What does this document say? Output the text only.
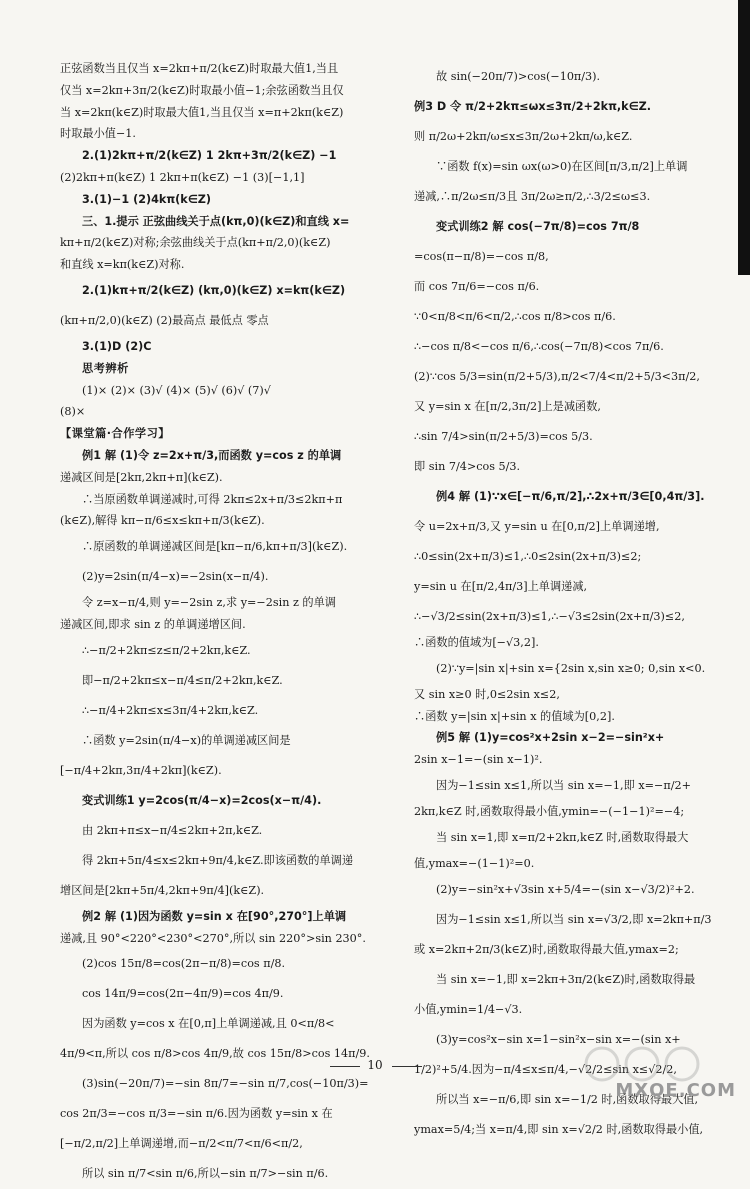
正弦函数当且仅当 x=2kπ+π/2(k∈Z)时取最大值1,当且
仅当 x=2kπ+3π/2(k∈Z)时取最小值−1;余弦函数当且仅
当 x=2kπ(k∈Z)时取最大值1,当且仅当 x=π+2kπ(k∈Z)
时取最小值−1.
2.(1)2kπ+π/2(k∈Z) 1 2kπ+3π/2(k∈Z) −1
(2)2kπ+π(k∈Z) 1 2kπ+π(k∈Z) −1 (3)[−1,1]
3.(1)−1 (2)4kπ(k∈Z)
三、1.提示 正弦曲线关于点(kπ,0)(k∈Z)和直线 x=
kπ+π/2(k∈Z)对称;余弦曲线关于点(kπ+π/2,0)(k∈Z)
和直线 x=kπ(k∈Z)对称.
2.(1)kπ+π/2(k∈Z) (kπ,0)(k∈Z) x=kπ(k∈Z)
(kπ+π/2,0)(k∈Z) (2)最高点 最低点 零点
3.(1)D (2)C
思考辨析
(1)× (2)× (3)√ (4)× (5)√ (6)√ (7)√
(8)×
【课堂篇·合作学习】
例1 解 (1)令 z=2x+π/3,而函数 y=cos z 的单调
递减区间是[2kπ,2kπ+π](k∈Z).
∴当原函数单调递减时,可得 2kπ≤2x+π/3≤2kπ+π
(k∈Z),解得 kπ−π/6≤x≤kπ+π/3(k∈Z).
∴原函数的单调递减区间是[kπ−π/6,kπ+π/3](k∈Z).
(2)y=2sin(π/4−x)=−2sin(x−π/4).
令 z=x−π/4,则 y=−2sin z,求 y=−2sin z 的单调
递减区间,即求 sin z 的单调递增区间.
∴−π/2+2kπ≤z≤π/2+2kπ,k∈Z.
即−π/2+2kπ≤x−π/4≤π/2+2kπ,k∈Z.
∴−π/4+2kπ≤x≤3π/4+2kπ,k∈Z.
∴函数 y=2sin(π/4−x)的单调递减区间是
[−π/4+2kπ,3π/4+2kπ](k∈Z).
变式训练1 y=2cos(π/4−x)=2cos(x−π/4).
由 2kπ+π≤x−π/4≤2kπ+2π,k∈Z.
得 2kπ+5π/4≤x≤2kπ+9π/4,k∈Z.即该函数的单调递
增区间是[2kπ+5π/4,2kπ+9π/4](k∈Z).
例2 解 (1)因为函数 y=sin x 在[90°,270°]上单调
递减,且 90°<220°<230°<270°,所以 sin 220°>sin 230°.
(2)cos 15π/8=cos(2π−π/8)=cos π/8.
cos 14π/9=cos(2π−4π/9)=cos 4π/9.
因为函数 y=cos x 在[0,π]上单调递减,且 0<π/8<
4π/9<π,所以 cos π/8>cos 4π/9,故 cos 15π/8>cos 14π/9.
(3)sin(−20π/7)=−sin 8π/7=−sin π/7,cos(−10π/3)=
cos 2π/3=−cos π/3=−sin π/6.因为函数 y=sin x 在
[−π/2,π/2]上单调递增,而−π/2<π/7<π/6<π/2,
所以 sin π/7<sin π/6,所以−sin π/7>−sin π/6.
故 sin(−20π/7)>cos(−10π/3).
例3 D 令 π/2+2kπ≤ωx≤3π/2+2kπ,k∈Z.
则 π/2ω+2kπ/ω≤x≤3π/2ω+2kπ/ω,k∈Z.
∵函数 f(x)=sin ωx(ω>0)在区间[π/3,π/2]上单调
递减,∴π/2ω≤π/3且 3π/2ω≥π/2,∴3/2≤ω≤3.
变式训练2 解 cos(−7π/8)=cos 7π/8
=cos(π−π/8)=−cos π/8,
而 cos 7π/6=−cos π/6.
∵0<π/8<π/6<π/2,∴cos π/8>cos π/6.
∴−cos π/8<−cos π/6,∴cos(−7π/8)<cos 7π/6.
(2)∵cos 5/3=sin(π/2+5/3),π/2<7/4<π/2+5/3<3π/2,
又 y=sin x 在[π/2,3π/2]上是减函数,
∴sin 7/4>sin(π/2+5/3)=cos 5/3.
即 sin 7/4>cos 5/3.
例4 解 (1)∵x∈[−π/6,π/2],∴2x+π/3∈[0,4π/3].
令 u=2x+π/3,又 y=sin u 在[0,π/2]上单调递增,
∴0≤sin(2x+π/3)≤1,∴0≤2sin(2x+π/3)≤2;
y=sin u 在[π/2,4π/3]上单调递减,
∴−√3/2≤sin(2x+π/3)≤1,∴−√3≤2sin(2x+π/3)≤2,
∴函数的值域为[−√3,2].
(2)∵y=|sin x|+sin x={2sin x,sin x≥0; 0,sin x<0.
又 sin x≥0 时,0≤2sin x≤2,
∴函数 y=|sin x|+sin x 的值域为[0,2].
例5 解 (1)y=cos²x+2sin x−2=−sin²x+
2sin x−1=−(sin x−1)².
因为−1≤sin x≤1,所以当 sin x=−1,即 x=−π/2+
2kπ,k∈Z 时,函数取得最小值,ymin=−(−1−1)²=−4;
当 sin x=1,即 x=π/2+2kπ,k∈Z 时,函数取得最大
值,ymax=−(1−1)²=0.
(2)y=−sin²x+√3sin x+5/4=−(sin x−√3/2)²+2.
因为−1≤sin x≤1,所以当 sin x=√3/2,即 x=2kπ+π/3
或 x=2kπ+2π/3(k∈Z)时,函数取得最大值,ymax=2;
当 sin x=−1,即 x=2kπ+3π/2(k∈Z)时,函数取得最
小值,ymin=1/4−√3.
(3)y=cos²x−sin x=1−sin²x−sin x=−(sin x+
1/2)²+5/4.因为−π/4≤x≤π/4,−√2/2≤sin x≤√2/2,
所以当 x=−π/6,即 sin x=−1/2 时,函数取得最大值,
ymax=5/4;当 x=π/4,即 sin x=√2/2 时,函数取得最小值,
10
MXQE.COM
